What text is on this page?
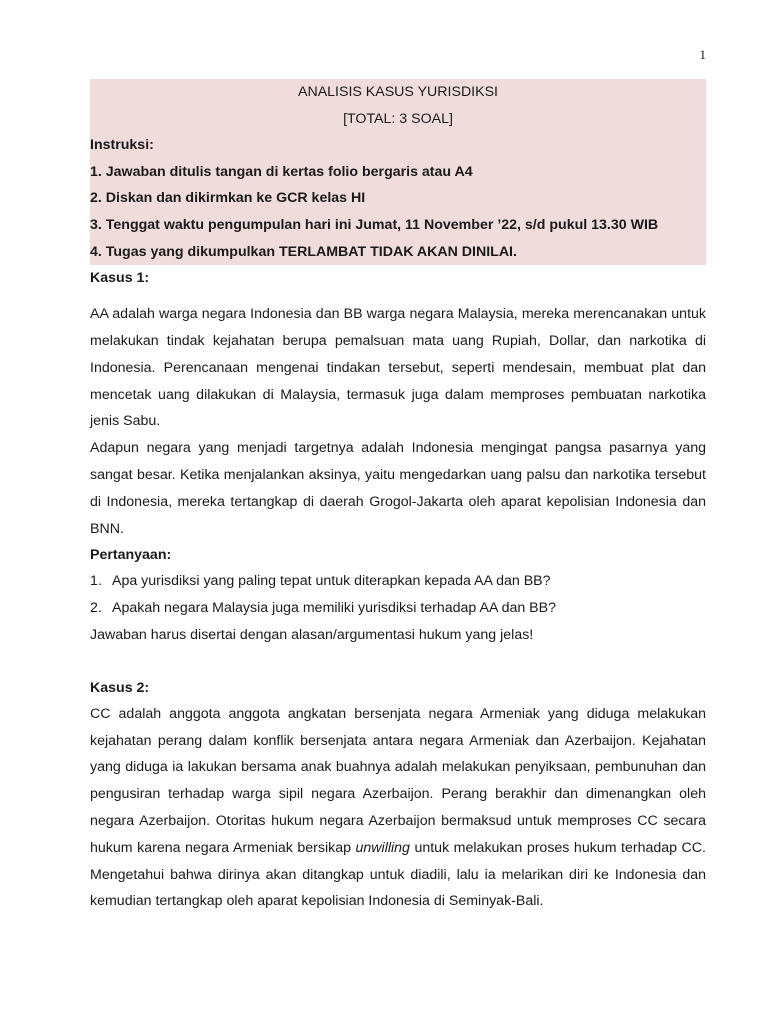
1
ANALISIS KASUS YURISDIKSI
[TOTAL: 3 SOAL]
Instruksi:
1. Jawaban ditulis tangan di kertas folio bergaris atau A4
2. Diskan dan dikirmkan ke GCR kelas HI
3. Tenggat waktu pengumpulan hari ini Jumat, 11 November ’22, s/d pukul 13.30 WIB
4. Tugas yang dikumpulkan TERLAMBAT TIDAK AKAN DINILAI.
Kasus 1:

AA adalah warga negara Indonesia dan BB warga negara Malaysia, mereka merencanakan untuk melakukan tindak kejahatan berupa pemalsuan mata uang Rupiah, Dollar, dan narkotika di Indonesia. Perencanaan mengenai tindakan tersebut, seperti mendesain, membuat plat dan mencetak uang dilakukan di Malaysia, termasuk juga dalam memproses pembuatan narkotika jenis Sabu.

Adapun negara yang menjadi targetnya adalah Indonesia mengingat pangsa pasarnya yang sangat besar. Ketika menjalankan aksinya, yaitu mengedarkan uang palsu dan narkotika tersebut di Indonesia, mereka tertangkap di daerah Grogol-Jakarta oleh aparat kepolisian Indonesia dan BNN.

Pertanyaan:
1. Apa yurisdiksi yang paling tepat untuk diterapkan kepada AA dan BB?
2. Apakah negara Malaysia juga memiliki yurisdiksi terhadap AA dan BB?

Jawaban harus disertai dengan alasan/argumentasi hukum yang jelas!

Kasus 2:

CC adalah anggota anggota angkatan bersenjata negara Armeniak yang diduga melakukan kejahatan perang dalam konflik bersenjata antara negara Armeniak dan Azerbaijon. Kejahatan yang diduga ia lakukan bersama anak buahnya adalah melakukan penyiksaan, pembunuhan dan pengusiran terhadap warga sipil negara Azerbaijon. Perang berakhir dan dimenangkan oleh negara Azerbaijon. Otoritas hukum negara Azerbaijon bermaksud untuk memproses CC secara hukum karena negara Armeniak bersikap unwilling untuk melakukan proses hukum terhadap CC. Mengetahui bahwa dirinya akan ditangkap untuk diadili, lalu ia melarikan diri ke Indonesia dan kemudian tertangkap oleh aparat kepolisian Indonesia di Seminyak-Bali.
